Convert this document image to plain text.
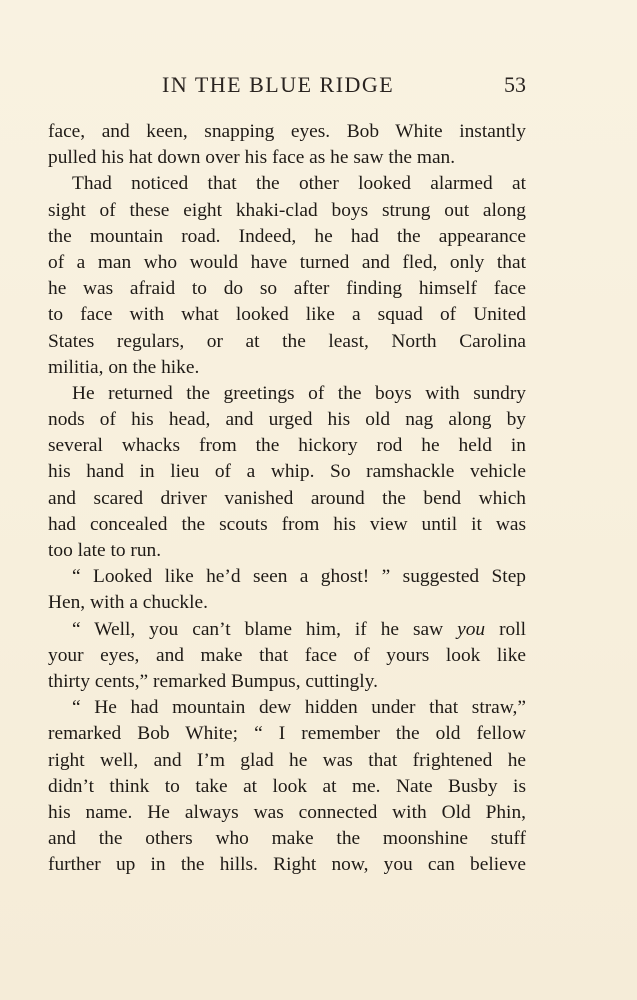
IN THE BLUE RIDGE	53
face, and keen, snapping eyes. Bob White instantly
pulled his hat down over his face as he saw the man.
Thad noticed that the other looked alarmed at
sight of these eight khaki-clad boys strung out along
the mountain road. Indeed, he had the appearance
of a man who would have turned and fled, only that
he was afraid to do so after finding himself face
to face with what looked like a squad of United
States regulars, or at the least, North Carolina
militia, on the hike.
He returned the greetings of the boys with sundry
nods of his head, and urged his old nag along by
several whacks from the hickory rod he held in
his hand in lieu of a whip. So ramshackle vehicle
and scared driver vanished around the bend which
had concealed the scouts from his view until it was
too late to run.
“ Looked like he’d seen a ghost! ” suggested Step
Hen, with a chuckle.
“ Well, you can’t blame him, if he saw you roll
your eyes, and make that face of yours look like
thirty cents,” remarked Bumpus, cuttingly.
“ He had mountain dew hidden under that straw,”
remarked Bob White; “ I remember the old fellow
right well, and I’m glad he was that frightened he
didn’t think to take at look at me. Nate Busby is
his name. He always was connected with Old Phin,
and the others who make the moonshine stuff
further up in the hills. Right now, you can believe
